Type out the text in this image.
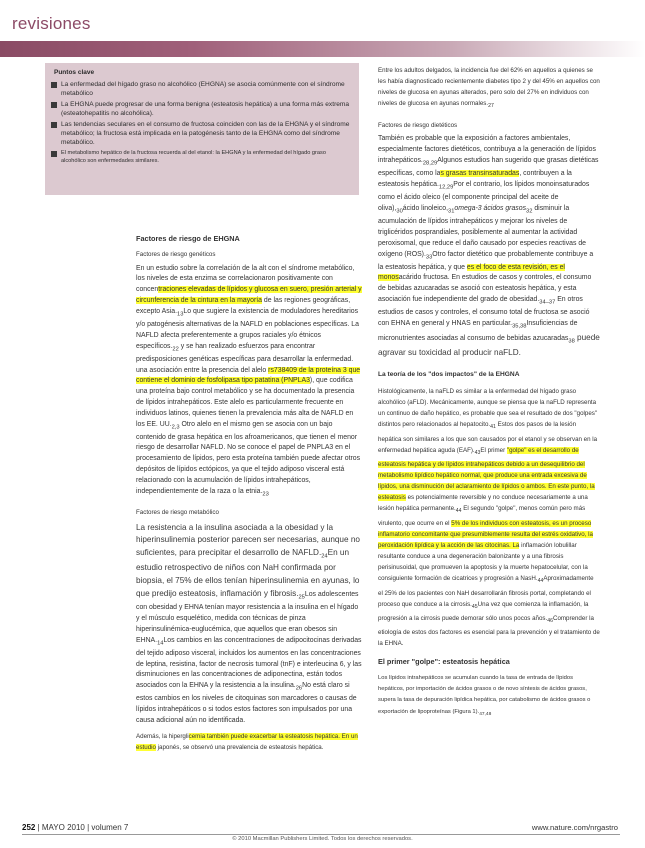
revisiones
Puntos clave
La enfermedad del hígado graso no alcohólico (EHGNA) se asocia comúnmente con el síndrome metabólico
La EHGNA puede progresar de una forma benigna (esteatosis hepática) a una forma más extrema (esteatohepatitis no alcohólica).
Las tendencias seculares en el consumo de fructosa coinciden con las de la EHGNA y el síndrome metabólico; la fructosa está implicada en la patogénesis tanto de la EHGNA como del síndrome metabólico.
El metabolismo hepático de la fructosa recuerda al del etanol: la EHGNA y la enfermedad del hígado graso alcohólico son enfermedades similares.

Factores de riesgo de EHGNA

Factores de riesgo genéticos

En un estudio sobre la correlación de la alt con el síndrome metabólico, los niveles de esta enzima se correlacionaron positivamente con concentraciones elevadas de lípidos y glucosa en suero, presión arterial y circunferencia de la cintura en la mayoría de las regiones geográficas, excepto $Asia._{13}Lo$ que sugiere la existencia de moduladores hereditarios y/o patogénesis alternativas de la NAFLD en poblaciones específicas. La NAFLD afecta preferentemente a grupos raciales y/o étnicos $específicos._{22}$ y se han realizado esfuerzos para encontrar predisposiciones genéticas específicas para desarrollar la enfermedad. una asociación entre la presencia del alelo rs738409 de la proteína 3 que contiene el dominio de fosfolipasa tipo patatina (PNPLA3), que codifica una proteína bajo control metabólico y se ha documentado la presencia de lípidos intrahepáticos. Este alelo es particularmente frecuente en individuos latinos, quienes tienen la prevalencia más alta de NAFLD en los EE. $UU._{2,3}$ Otro alelo en el mismo gen se asocia con un bajo contenido de grasa hepática en los afroamericanos, que tienen el menor riesgo de desarrollar NAFLD. No se conoce el papel de PNPLA3 en el procesamiento de lípidos, pero esta proteína también puede afectar otros depósitos de lípidos ectópicos, ya que el tejido adiposo visceral está relacionado con la acumulación de lípidos intrahepáticos, independientemente de la raza o la $etnia._{23}$

Factores de riesgo metabólico

La resistencia a la insulina asociada a la obesidad y la hiperinsulinemia posterior parecen ser necesarias, aunque no suficientes, para precipitar el desarrollo de $NAFLD._{24}En$ un estudio retrospectivo de niños con NaH confirmada por biopsia, el 75% de ellos tenían hiperinsulinemia en ayunas, lo que predijo esteatosis, inflamación y $fibrosis._{25}Los$ adolescentes con obesidad y EHNA tenían mayor resistencia a la insulina en el hígado y el músculo esquelético, medida con técnicas de pinza hiperinsulinémica-euglucémica, que aquellos que eran obesos $\sin EHNA._{14}Los$ cambios en las concentraciones de adipocitocinas derivadas del tejido adiposo visceral, incluidos los aumentos en las concentraciones de leptina, resistina, factor de necrosis tumoral (tnF) e interleucina 6, y las disminuciones en las concentraciones de adiponectina, están todos asociados con la EHNA y la resistencia a la $insulina._{26}No$ está claro si estos cambios en los niveles de citoquinas son marcadores o causas de lípidos intrahepáticos o si todos estos factores son impulsados por una causa adicional aún no identificada.

Además, la hiperglicemia también puede exacerbar la esteatosis hepática. En un estudio japonés, se observó una prevalencia de esteatosis hepática.

Entre los adultos delgados, la incidencia fue del 62% en aquellos a quienes se les había diagnosticado recientemente diabetes tipo 2 y del 45% en aquellos con niveles de glucosa en ayunas alterados, pero solo del 27% en individuos con niveles de glucosa en ayunas $normales._{27}$

Factores de riesgo dietéticos

También es probable que la exposición a factores ambientales, especialmente factores dietéticos, contribuya a la generación de lípidos $intrahepáticos._{28,29}Algunos$ estudios han sugerido que grasas dietéticas específicas, como las grasas transinsaturadas, contribuyen a la esteatosis $hepática._{12,29}Por$ el contrario, los lípidos monoinsaturados como el ácido oleico (el componente principal del aceite de $oliva),_{30}ácido$ $linoleico,_{31}omega-3$ ácidos grasos$_{32}$ disminuir la acumulación de lípidos intrahepáticos y mejorar los niveles de triglicéridos posprandiales, posiblemente al aumentar la actividad peroxisomal, que reduce el daño causado por especies reactivas de oxígeno $(ROS)._{33}Otro$ factor dietético que probablemente contribuye a la esteatosis hepática, y que es el foco de esta revisión, es el monosacárido fructosa. En estudios de casos y controles, el consumo de bebidas azucaradas se asoció con esteatosis hepática, y esta asociación fue independiente del grado de $obesidad._{34-37}$ En otros estudios de casos y controles, el consumo total de fructosa se asoció con EHNA en general y HNAS en $particular._{35,38}Insuficiencias$ de micronutrientes asociadas al consumo de bebidas azucaradas$_{38}$ puede agravar su toxicidad al producir naFLD.

La teoría de los "dos impactos" de la EHGNA

Histológicamente, la naFLD es similar a la enfermedad del hígado graso alcohólico (aFLD). Mecánicamente, aunque se piensa que la naFLD representa un continuo de daño hepático, es probable que sea el resultado de dos "golpes" distintos pero relacionados al $hepatocito._{41}$ Estos dos pasos de la lesión hepática son similares a los que son causados por el etanol y se observan en la enfermedad hepática aguda $(EAF)._{43}El$ primer "golpe" es el desarrollo de esteatosis hepática y de lípidos intrahepáticos debido a un desequilibrio del metabolismo lipídico hepático normal, que produce una entrada excesiva de lípidos, una disminución del aclaramiento de lípidos o ambos. En este punto, la esteatosis es potencialmente reversible y no conduce necesariamente a una lesión hepática $permanente._{44}$ El segundo "golpe", menos común pero más virulento, que ocurre en el 5% de los individuos con esteatosis, es un proceso inflamatorio concomitante que presumiblemente resulta del estrés oxidativo, la peroxidación lipídica y la acción de las citocinas. La inflamación lobulillar resultante conduce a una degeneración balonizante y a una fibrosis perisinusoidal, que promueven la apoptosis y la muerte hepatocelular, con la consiguiente formación de cicatrices y progresión a $NasH._{44}Aproximadamente$ el 25% de los pacientes con NaH desarrollarán fibrosis portal, completando el proceso que conduce a la $cirrosis._{45}Una$ vez que comienza la inflamación, la progresión a la cirrosis puede demorar sólo unos pocos $años._{46}Comprender$ la etiología de estos dos factores es esencial para la prevención y el tratamiento de la EHNA.

El primer "golpe": esteatosis hepática

Los lípidos intrahepáticos se acumulan cuando la tasa de entrada de lípidos hepáticos, por importación de ácidos grasos o de novo síntesis de ácidos grasos, supera la tasa de depuración lipídica hepática, por catabolismo de ácidos grasos o exportación de lipoproteínas (Figura $1)._{47,48}$

252 | MAYO 2010 | volumen 7	www.nature.com/nrgastro
© 2010 Macmillan Publishers Limited. Todos los derechos reservados.
